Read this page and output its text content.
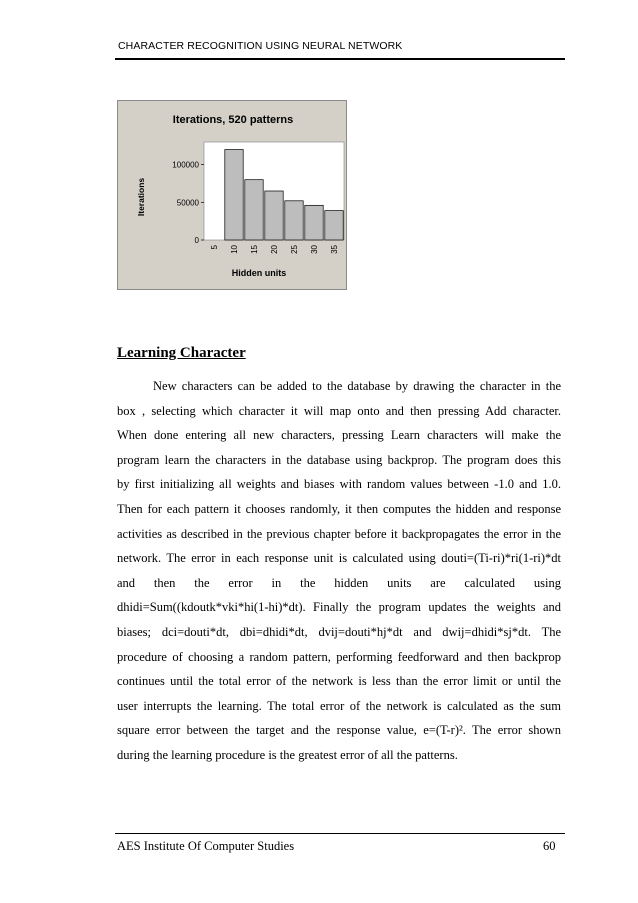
CHARACTER RECOGNITION USING NEURAL NETWORK
Iterations, 520 patterns
0
50000
100000
5 10 15 20 25 30 35
Iterations
Hidden units
Learning Character
New characters can be added to the database by drawing the character in the
box , selecting which character it will map onto and then pressing Add character.
When done entering all new characters, pressing Learn characters will make the
program learn the characters in the database using backprop. The program does this
by first initializing all weights and biases with random values between -1.0 and 1.0.
Then for each pattern it chooses randomly, it then computes the hidden and response
activities as described in the previous chapter before it backpropagates the error in the
network. The error in each response unit is calculated using douti=(Ti-ri)*ri(1-ri)*dt
and then the error in the hidden units are calculated using
dhidi=Sum((kdoutk*vki*hi(1-hi)*dt). Finally the program updates the weights and
biases; dci=douti*dt, dbi=dhidi*dt, dvij=douti*hj*dt and dwij=dhidi*sj*dt. The
procedure of choosing a random pattern, performing feedforward and then backprop
continues until the total error of the network is less than the error limit or until the
user interrupts the learning. The total error of the network is calculated as the sum
square error between the target and the response value, e=(T-r)². The error shown
during the learning procedure is the greatest error of all the patterns.
AES Institute Of Computer Studies	60
